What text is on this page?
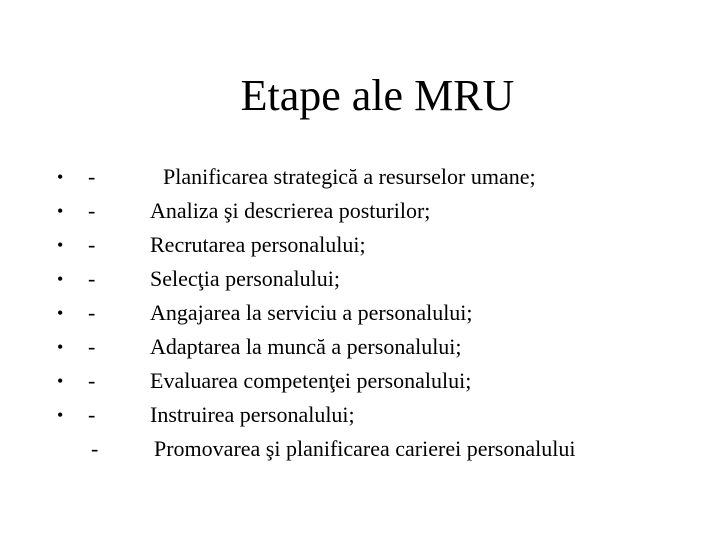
Etape ale MRU
• -	Planificarea strategică a resurselor umane;
• - Analiza şi descrierea posturilor;
• - Recrutarea personalului;
• - Selecţia personalului;
• - Angajarea la serviciu a personalului;
• - Adaptarea la muncă a personalului;
• - Evaluarea competenţei personalului;
• - Instruirea personalului;
-	Promovarea şi planificarea carierei personalului
